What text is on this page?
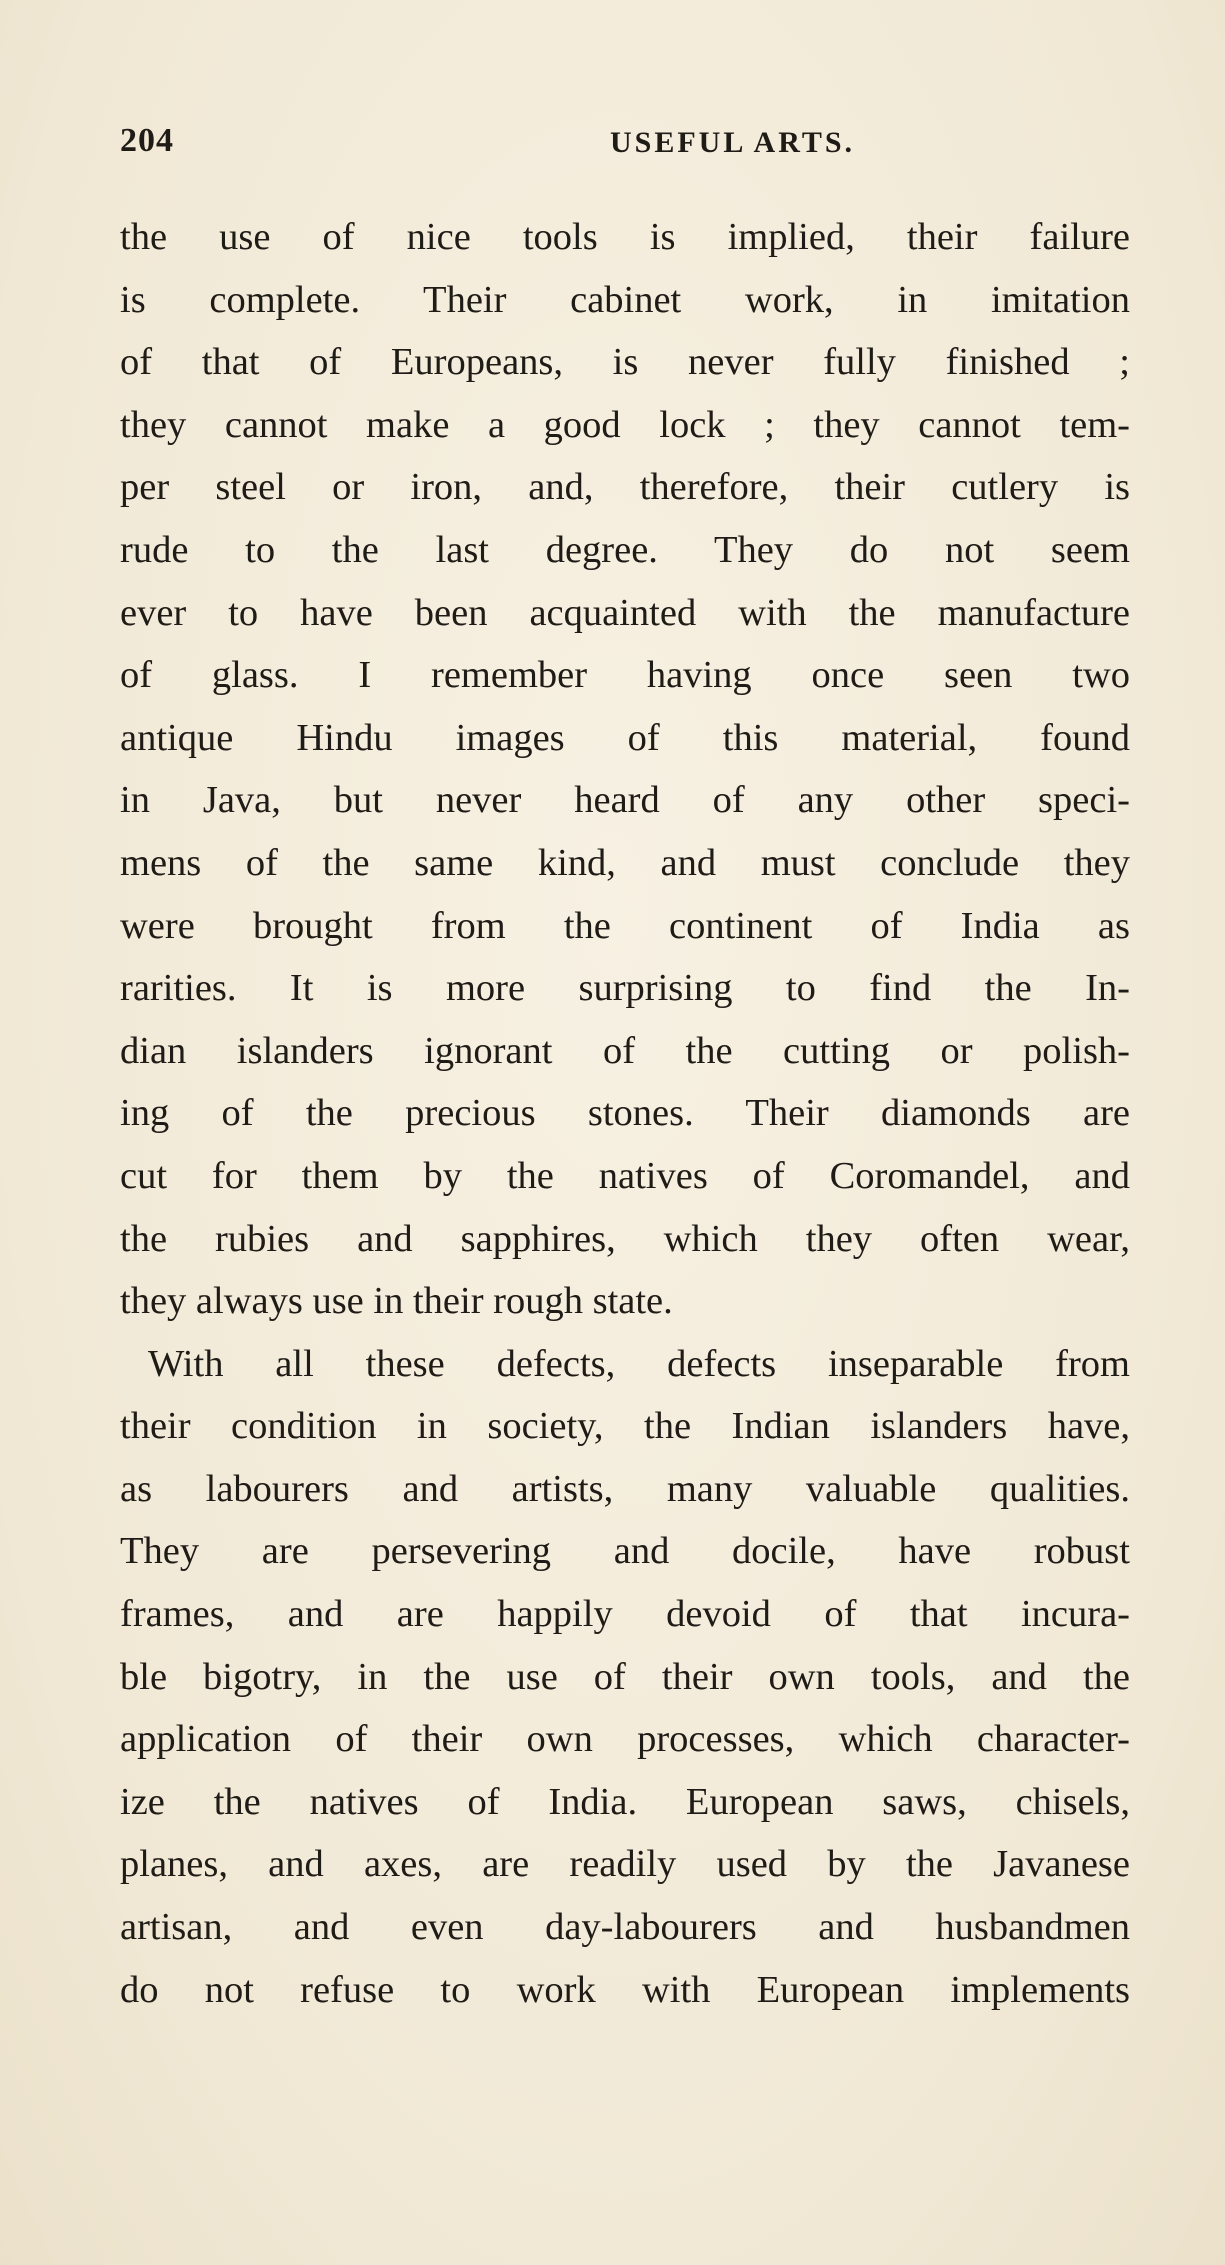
204	USEFUL ARTS.
the use of nice tools is implied, their failure
is complete. Their cabinet work, in imitation
of that of Europeans, is never fully finished ;
they cannot make a good lock ; they cannot tem-
per steel or iron, and, therefore, their cutlery is
rude to the last degree. They do not seem
ever to have been acquainted with the manufacture
of glass. I remember having once seen two
antique Hindu images of this material, found
in Java, but never heard of any other speci-
mens of the same kind, and must conclude they
were brought from the continent of India as
rarities. It is more surprising to find the In-
dian islanders ignorant of the cutting or polish-
ing of the precious stones. Their diamonds are
cut for them by the natives of Coromandel, and
the rubies and sapphires, which they often wear,
they always use in their rough state.
With all these defects, defects inseparable from
their condition in society, the Indian islanders have,
as labourers and artists, many valuable qualities.
They are persevering and docile, have robust
frames, and are happily devoid of that incura-
ble bigotry, in the use of their own tools, and the
application of their own processes, which character-
ize the natives of India. European saws, chisels,
planes, and axes, are readily used by the Javanese
artisan, and even day-labourers and husbandmen
do not refuse to work with European implements
